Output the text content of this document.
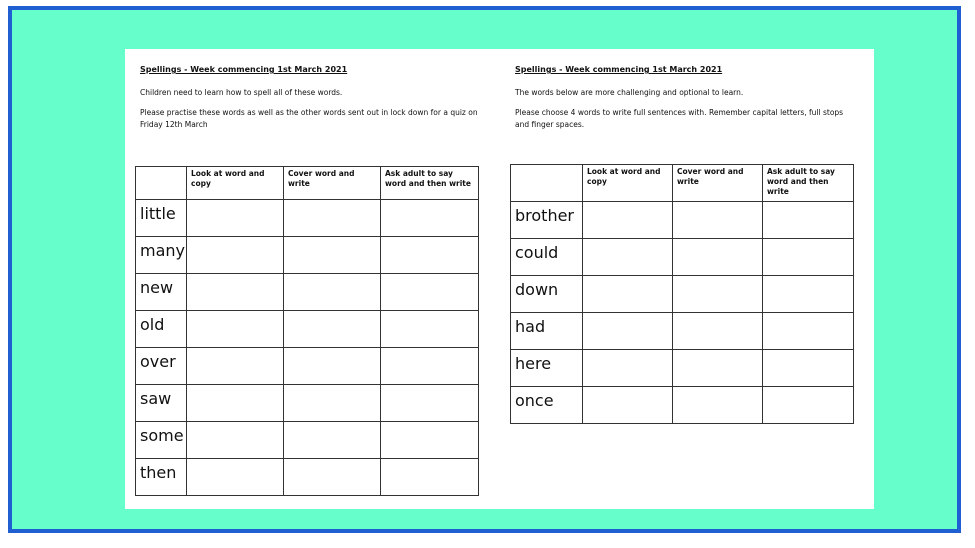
Spellings - Week commencing 1st March 2021
Children need to learn how to spell all of these words.
Please practise these words as well as the other words sent out in lock down for a quiz on Friday 12th March
	Look at word and copy	Cover word and write	Ask adult to say word and then write
little			
many			
new			
old			
over			
saw			
some			
then			
Spellings - Week commencing 1st March 2021
The words below are more challenging and optional to learn.
Please choose 4 words to write full sentences with. Remember capital letters, full stops and finger spaces.
	Look at word and copy	Cover word and write	Ask adult to say word and then write
brother			
could			
down			
had			
here			
once			
